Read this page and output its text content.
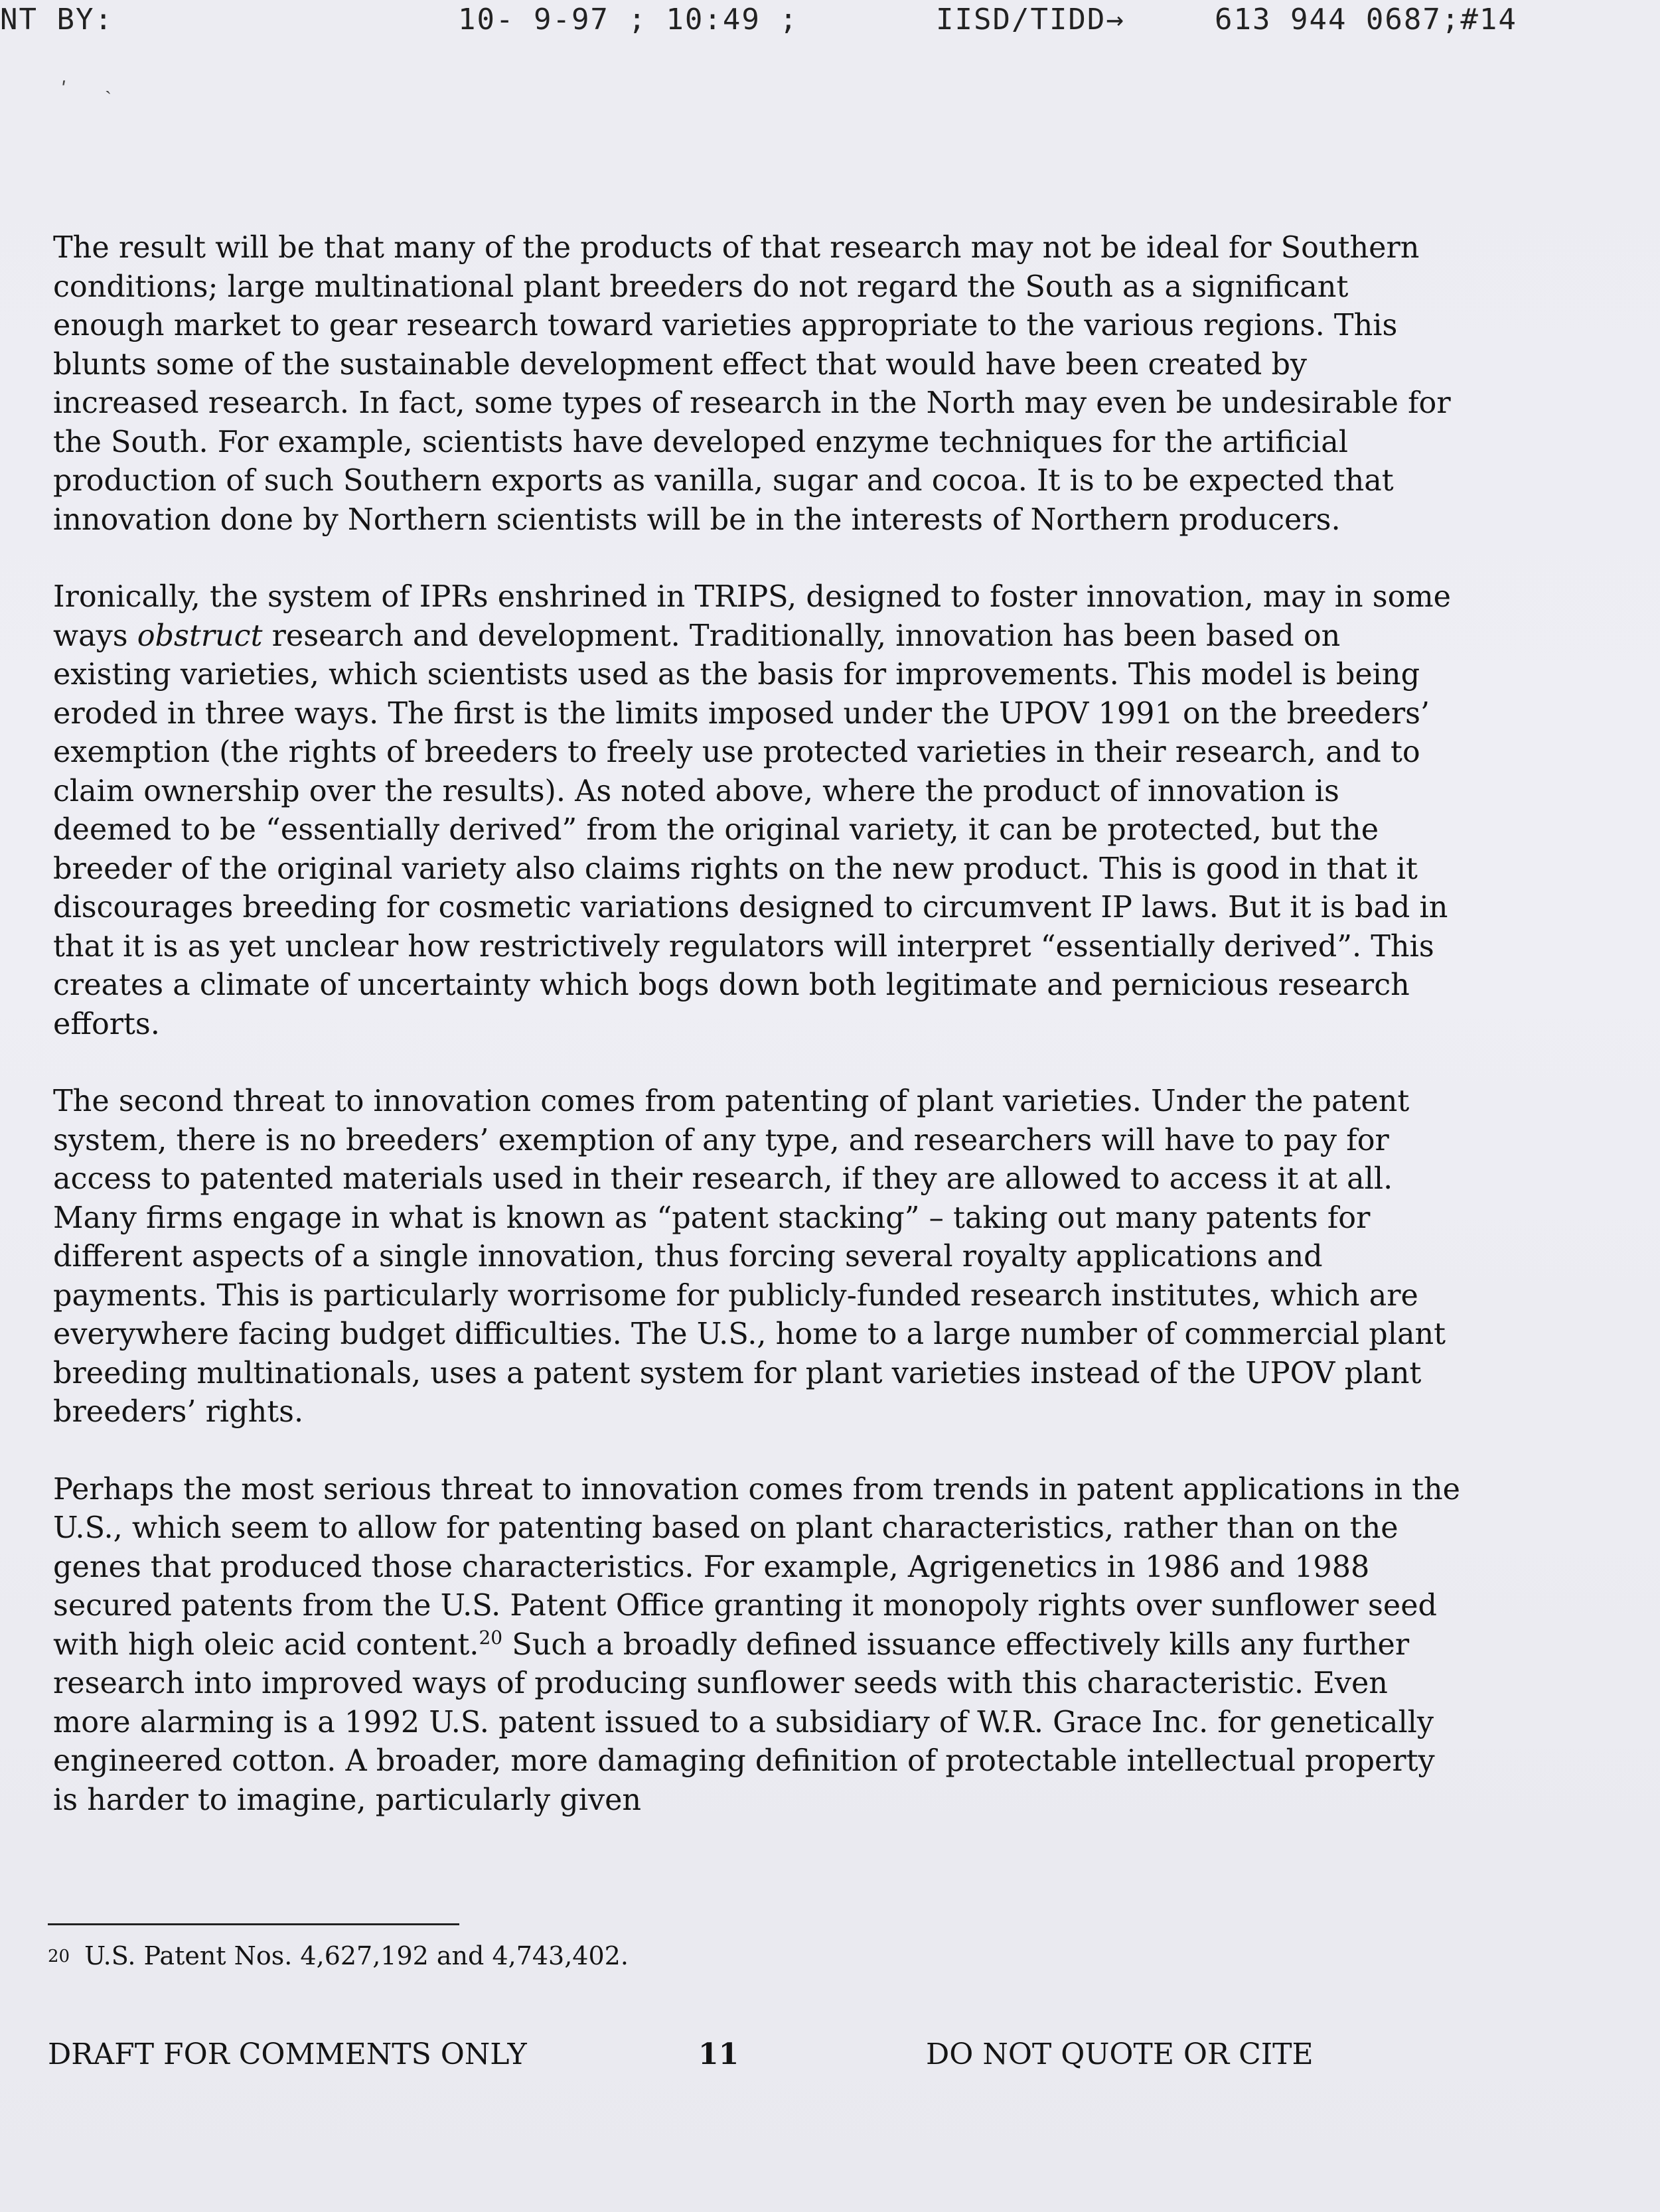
NT BY:	10- 9-97 ; 10:49 ;	IISD/TIDD→	613 944 0687;#14
ʹ ˎ

The result will be that many of the products of that research may not be ideal for Southern conditions; large multinational plant breeders do not regard the South as a significant enough market to gear research toward varieties appropriate to the various regions. This blunts some of the sustainable development effect that would have been created by increased research. In fact, some types of research in the North may even be undesirable for the South. For example, scientists have developed enzyme techniques for the artificial production of such Southern exports as vanilla, sugar and cocoa. It is to be expected that innovation done by Northern scientists will be in the interests of Northern producers.

Ironically, the system of IPRs enshrined in TRIPS, designed to foster innovation, may in some ways obstruct research and development. Traditionally, innovation has been based on existing varieties, which scientists used as the basis for improvements. This model is being eroded in three ways. The first is the limits imposed under the UPOV 1991 on the breeders’ exemption (the rights of breeders to freely use protected varieties in their research, and to claim ownership over the results). As noted above, where the product of innovation is deemed to be “essentially derived” from the original variety, it can be protected, but the breeder of the original variety also claims rights on the new product. This is good in that it discourages breeding for cosmetic variations designed to circumvent IP laws. But it is bad in that it is as yet unclear how restrictively regulators will interpret “essentially derived”. This creates a climate of uncertainty which bogs down both legitimate and pernicious research efforts.

The second threat to innovation comes from patenting of plant varieties. Under the patent system, there is no breeders’ exemption of any type, and researchers will have to pay for access to patented materials used in their research, if they are allowed to access it at all. Many firms engage in what is known as “patent stacking” – taking out many patents for different aspects of a single innovation, thus forcing several royalty applications and payments. This is particularly worrisome for publicly-funded research institutes, which are everywhere facing budget difficulties. The U.S., home to a large number of commercial plant breeding multinationals, uses a patent system for plant varieties instead of the UPOV plant breeders’ rights.

Perhaps the most serious threat to innovation comes from trends in patent applications in the U.S., which seem to allow for patenting based on plant characteristics, rather than on the genes that produced those characteristics. For example, Agrigenetics in 1986 and 1988 secured patents from the U.S. Patent Office granting it monopoly rights over sunflower seed with high oleic acid content.$^{20}$ Such a broadly defined issuance effectively kills any further research into improved ways of producing sunflower seeds with this characteristic. Even more alarming is a 1992 U.S. patent issued to a subsidiary of W.R. Grace Inc. for genetically engineered cotton. A broader, more damaging definition of protectable intellectual property is harder to imagine, particularly given

20 U.S. Patent Nos. 4,627,192 and 4,743,402.
DRAFT FOR COMMENTS ONLY	11	DO NOT QUOTE OR CITE
